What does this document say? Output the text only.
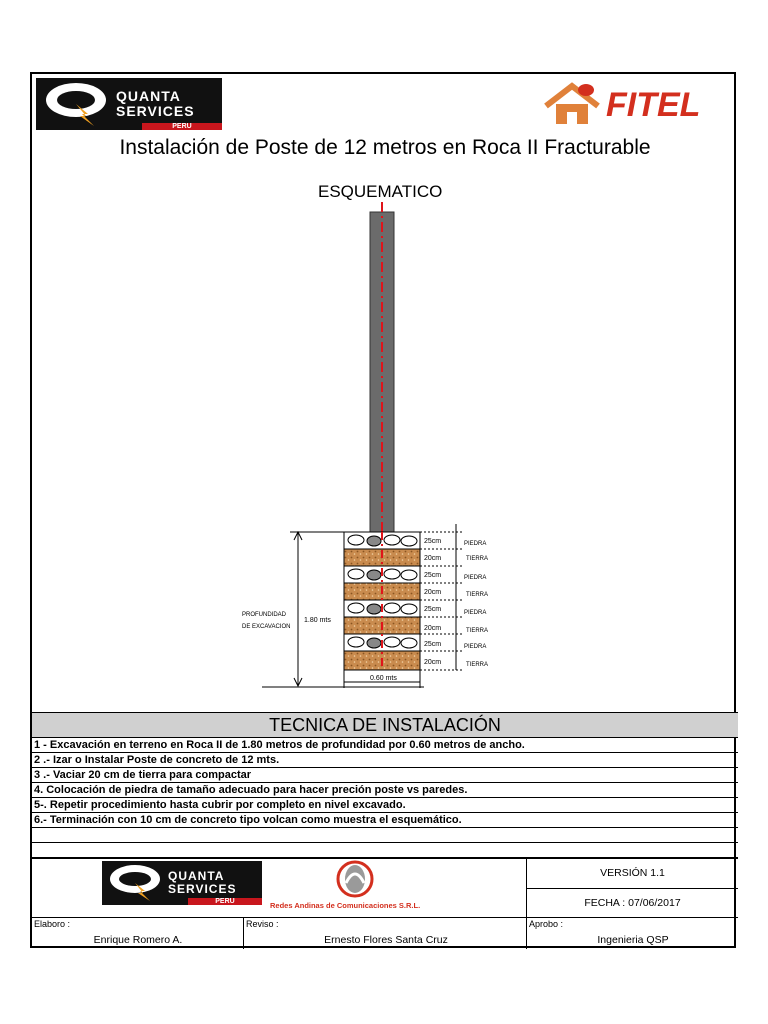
QUANTA
SERVICES
PERU
FITEL
Instalación de Poste de 12 metros en Roca II Fracturable
ESQUEMATICO
25cm	PIEDRA
20cm	TIERRA
25cm	PIEDRA
20cm	TIERRA
25cm	PIEDRA
20cm	TIERRA
25cm	PIEDRA
20cm	TIERRA
PROFUNDIDAD
DE EXCAVACION
1.80 mts
0.60 mts
TECNICA DE INSTALACIÓN
1 - Excavación en terreno en Roca II de 1.80 metros de profundidad por 0.60 metros de ancho.
2 .- Izar o Instalar Poste de concreto de 12 mts.
3 .- Vaciar 20 cm de tierra para compactar
4. Colocación de piedra de tamaño adecuado para hacer preción poste vs paredes.
5-. Repetir procedimiento hasta cubrir por completo en nivel excavado.
6.- Terminación con 10 cm de concreto tipo volcan como muestra el esquemático.
QUANTA
SERVICES
PERU	Redes Andinas de Comunicaciones S.R.L.
VERSIÓN 1.1
FECHA : 07/06/2017
Elaboro :
Enrique Romero A.
Reviso :
Ernesto Flores Santa Cruz
Aprobo :
Ingenieria QSP
